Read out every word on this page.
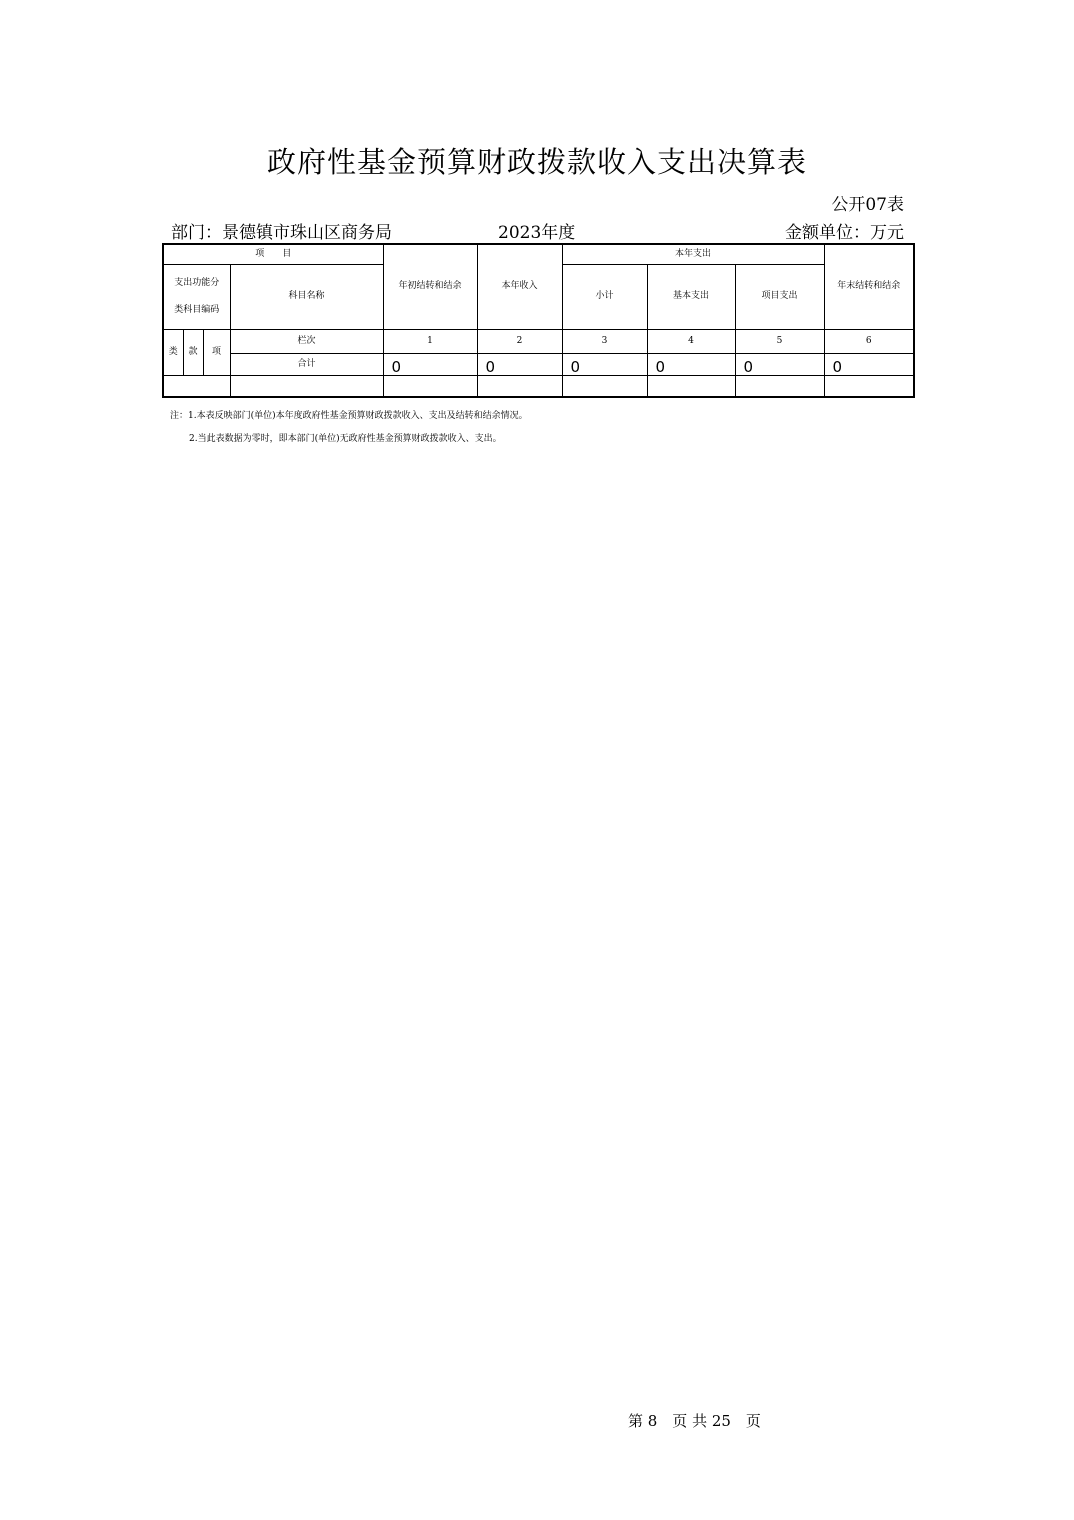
政府性基金预算财政拨款收入支出决算表
公开07表
部门：景德镇市珠山区商务局	2023年度	金额单位：万元
项　　目				年初结转和结余	本年收入	本年支出			年末结转和结余

支出功能分
类科目编码			科目名称			小计	基本支出	项目支出	
类	款	项	栏次	1	2	3	4	5	6
			合计	0	0	0	0	0	0

注：1.本表反映部门(单位)本年度政府性基金预算财政拨款收入、支出及结转和结余情况。
2.当此表数据为零时，即本部门(单位)无政府性基金预算财政拨款收入、支出。
第 8　页 共 25　页
